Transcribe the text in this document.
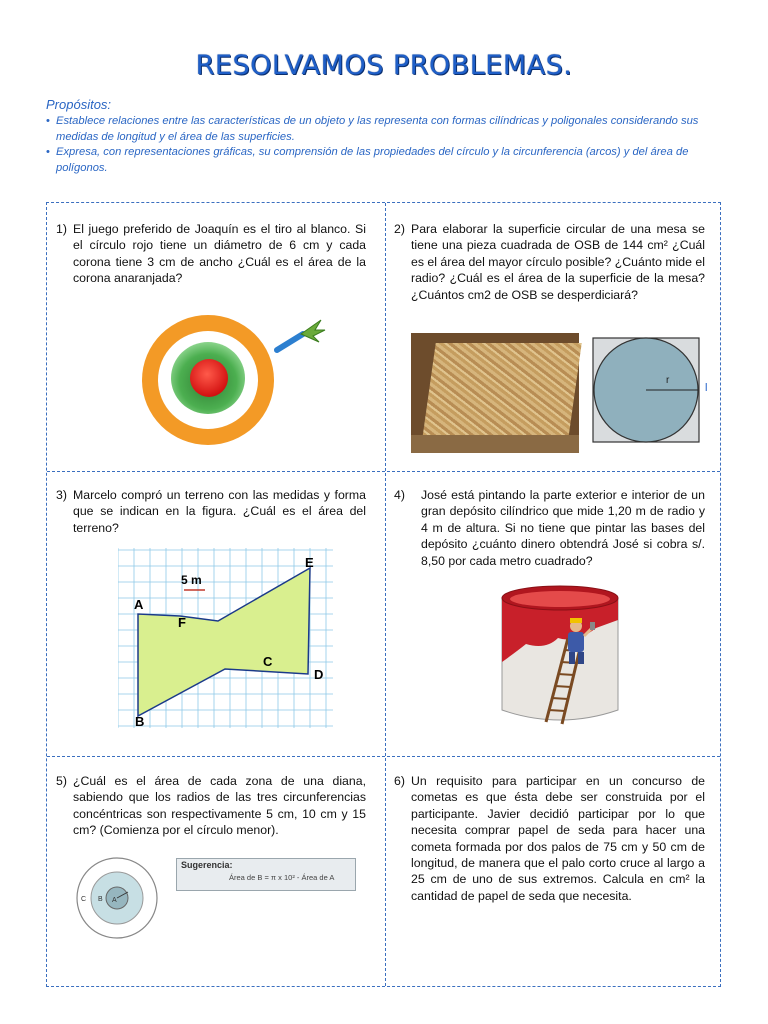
RESOLVAMOS PROBLEMAS.
Propósitos:
• Establece relaciones entre las características de un objeto y las representa con formas cilíndricas y poligonales considerando sus medidas de longitud y el área de las superficies.
• Expresa, con representaciones gráficas, su comprensión de las propiedades del círculo y la circunferencia (arcos) y del área de polígonos.
1) El juego preferido de Joaquín es el tiro al blanco. Si el círculo rojo tiene un diámetro de 6 cm y cada corona tiene 3 cm de ancho ¿Cuál es el área de la corona anaranjada?
2) Para elaborar la superficie circular de una mesa se tiene una pieza cuadrada de OSB de 144 cm² ¿Cuál es el área del mayor círculo posible? ¿Cuánto mide el radio? ¿Cuál es el área de la superficie de la mesa? ¿Cuántos cm2 de OSB se desperdiciará?
r
l
3) Marcelo compró un terreno con las medidas y forma que se indican en la figura. ¿Cuál es el área del terreno?
5 m
A
B
C
D
E
F
4) José está pintando la parte exterior e interior de un gran depósito cilíndrico que mide 1,20 m de radio y 4 m de altura. Si no tiene que pintar las bases del depósito ¿cuánto dinero obtendrá José si cobra s/. 8,50 por cada metro cuadrado?
5) ¿Cuál es el área de cada zona de una diana, sabiendo que los radios de las tres circunferencias concéntricas son respectivamente 5 cm, 10 cm y 15 cm? (Comienza por el círculo menor).
C B A
Sugerencia:
Área de B = π x 10² - Área de A
6) Un requisito para participar en un concurso de cometas es que ésta debe ser construida por el participante. Javier decidió participar por lo que necesita comprar papel de seda para hacer una cometa formada por dos palos de 75 cm y 50 cm de longitud, de manera que el palo corto cruce al largo a 25 cm de uno de sus extremos. Calcula en cm² la cantidad de papel de seda que necesita.
